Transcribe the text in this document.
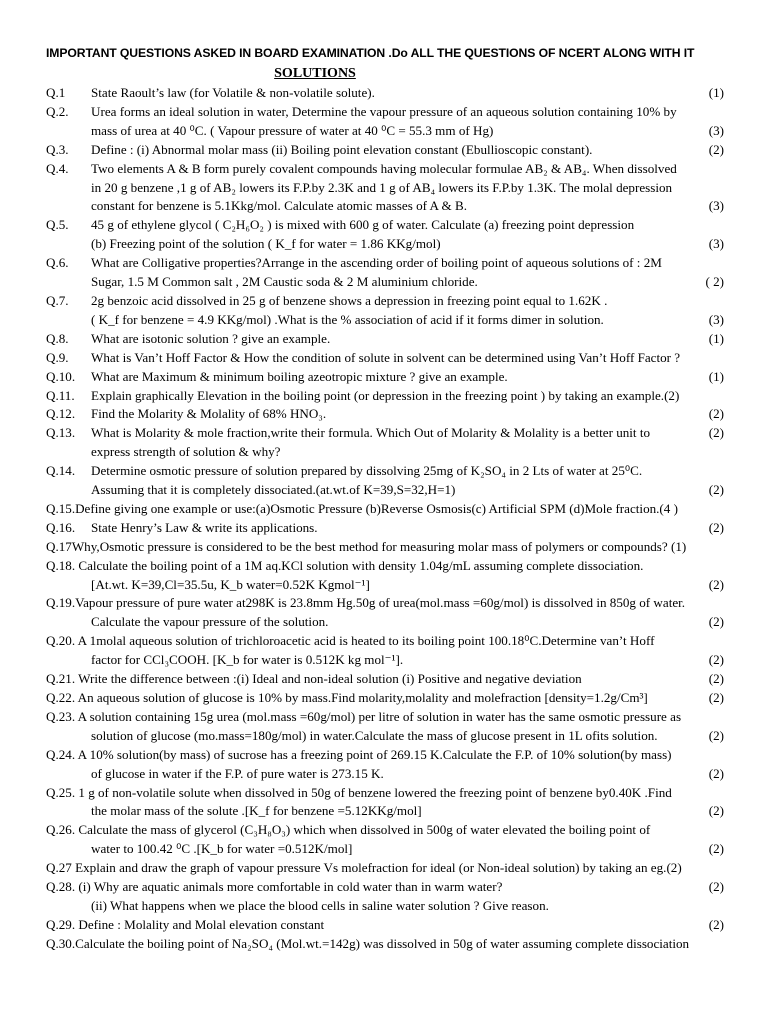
IMPORTANT QUESTIONS ASKED IN BOARD EXAMINATION .Do ALL THE QUESTIONS OF NCERT ALONG WITH IT
SOLUTIONS
Q.1 State Raoult’s law (for Volatile & non-volatile solute).	(1)
Q.2. Urea forms an ideal solution in water, Determine the vapour pressure of an aqueous solution containing 10% by
mass of urea at 40 ⁰C. ( Vapour pressure of water at 40 ⁰C = 55.3 mm of Hg)	(3)
Q.3. Define : (i) Abnormal molar mass (ii) Boiling point elevation constant (Ebullioscopic constant).	(2)
Q.4. Two elements A & B form purely covalent compounds having molecular formulae AB₂ & AB₄. When dissolved
in 20 g benzene ,1 g of AB₂ lowers its F.P.by 2.3K and 1 g of AB₄ lowers its F.P.by 1.3K. The molal depression
constant for benzene is 5.1Kkg/mol. Calculate atomic masses of A & B.	(3)
Q.5. 45 g of ethylene glycol ( C₂H₆O₂ ) is mixed with 600 g of water. Calculate (a) freezing point depression
(b) Freezing point of the solution ( K_f for water = 1.86 KKg/mol)	(3)
Q.6. What are Colligative properties?Arrange in the ascending order of boiling point of aqueous solutions of : 2M
Sugar, 1.5 M Common salt , 2M Caustic soda & 2 M aluminium chloride.	( 2)
Q.7. 2g benzoic acid dissolved in 25 g of benzene shows a depression in freezing point equal to 1.62K .
( K_f for benzene = 4.9 KKg/mol) .What is the % association of acid if it forms dimer in solution.	(3)
Q.8. What are isotonic solution ? give an example.	(1)
Q.9. What is Van’t Hoff Factor & How the condition of solute in solvent can be determined using Van’t Hoff Factor ?
Q.10. What are Maximum & minimum boiling azeotropic mixture ? give an example.	(1)
Q.11. Explain graphically Elevation in the boiling point (or depression in the freezing point ) by taking an example.(2)
Q.12. Find the Molarity & Molality of 68% HNO₃.	(2)
Q.13. What is Molarity & mole fraction,write their formula. Which Out of Molarity & Molality is a better unit to	(2)
express strength of solution & why?
Q.14. Determine osmotic pressure of solution prepared by dissolving 25mg of K₂SO₄ in 2 Lts of water at 25⁰C.
Assuming that it is completely dissociated.(at.wt.of K=39,S=32,H=1)	(2)
Q.15.Define giving one example or use:(a)Osmotic Pressure (b)Reverse Osmosis(c) Artificial SPM (d)Mole fraction.(4 )
Q.16. State Henry’s Law & write its applications.	(2)
Q.17Why,Osmotic pressure is considered to be the best method for measuring molar mass of polymers or compounds? (1)
Q.18. Calculate the boiling point of a 1M aq.KCl solution with density 1.04g/mL assuming complete dissociation.
[At.wt. K=39,Cl=35.5u, K_b water=0.52K Kgmol⁻¹]	(2)
Q.19.Vapour pressure of pure water at298K is 23.8mm Hg.50g of urea(mol.mass =60g/mol) is dissolved in 850g of water.
Calculate the vapour pressure of the solution.	(2)
Q.20. A 1molal aqueous solution of trichloroacetic acid is heated to its boiling point 100.18⁰C.Determine van’t Hoff
factor for CCl₃COOH. [K_b for water is 0.512K kg mol⁻¹].	(2)
Q.21. Write the difference between :(i) Ideal and non-ideal solution (i) Positive and negative deviation	(2)
Q.22. An aqueous solution of glucose is 10% by mass.Find molarity,molality and molefraction [density=1.2g/Cm³]	(2)
Q.23. A solution containing 15g urea (mol.mass =60g/mol) per litre of solution in water has the same osmotic pressure as
solution of glucose (mo.mass=180g/mol) in water.Calculate the mass of glucose present in 1L ofits solution.	(2)
Q.24. A 10% solution(by mass) of sucrose has a freezing point of 269.15 K.Calculate the F.P. of 10% solution(by mass)
of glucose in water if the F.P. of pure water is 273.15 K.	(2)
Q.25. 1 g of non-volatile solute when dissolved in 50g of benzene lowered the freezing point of benzene by0.40K .Find
the molar mass of the solute .[K_f for benzene =5.12KKg/mol]	(2)
Q.26. Calculate the mass of glycerol (C₃H₈O₃) which when dissolved in 500g of water elevated the boiling point of
water to 100.42 ⁰C .[K_b for water =0.512K/mol]	(2)
Q.27 Explain and draw the graph of vapour pressure Vs molefraction for ideal (or Non-ideal solution) by taking an eg.(2)
Q.28. (i) Why are aquatic animals more comfortable in cold water than in warm water?	(2)
(ii) What happens when we place the blood cells in saline water solution ? Give reason.
Q.29. Define : Molality and Molal elevation constant	(2)
Q.30.Calculate the boiling point of Na₂SO₄ (Mol.wt.=142g) was dissolved in 50g of water assuming complete dissociation
